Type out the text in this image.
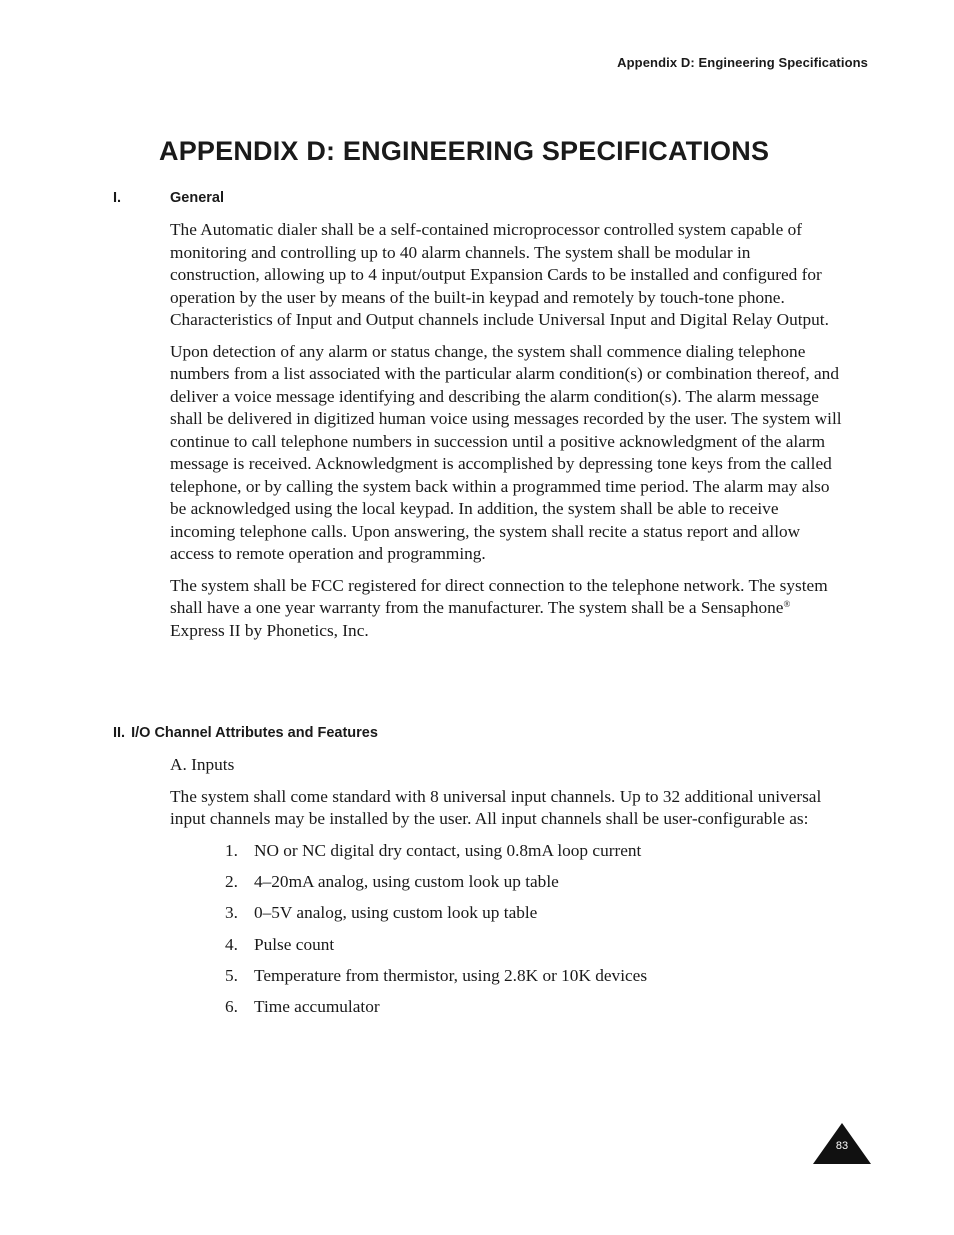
Appendix D: Engineering Specifications
APPENDIX D: ENGINEERING SPECIFICATIONS
I.	General

The Automatic dialer shall be a self-contained microprocessor controlled system capable of monitoring and controlling up to 40 alarm channels. The system shall be modular in construction, allowing up to 4 input/output Expansion Cards to be installed and configured for operation by the user by means of the built-in keypad and remotely by touch-tone phone. Characteristics of Input and Output channels include Universal Input and Digital Relay Output.

Upon detection of any alarm or status change, the system shall commence dialing telephone numbers from a list associated with the particular alarm condition(s) or combination thereof, and deliver a voice message identifying and describing the alarm condition(s). The alarm message shall be delivered in digitized human voice using messages recorded by the user. The system will continue to call telephone numbers in succession until a positive acknowledgment of the alarm message is received. Acknowledgment is accomplished by depressing tone keys from the called telephone, or by calling the system back within a programmed time period. The alarm may also be acknowledged using the local keypad. In addition, the system shall be able to receive incoming telephone calls. Upon answering, the system shall recite a status report and allow access to remote operation and programming.

The system shall be FCC registered for direct connection to the telephone network. The system shall have a one year warranty from the manufacturer. The system shall be a Sensaphone® Express II by Phonetics, Inc.

II. I/O Channel Attributes and Features

A. Inputs

The system shall come standard with 8 universal input channels. Up to 32 additional universal input channels may be installed by the user. All input channels shall be user-configurable as:

1. NO or NC digital dry contact, using 0.8mA loop current
2. 4–20mA analog, using custom look up table
3. 0–5V analog, using custom look up table
4. Pulse count
5. Temperature from thermistor, using 2.8K or 10K devices
6. Time accumulator
83
